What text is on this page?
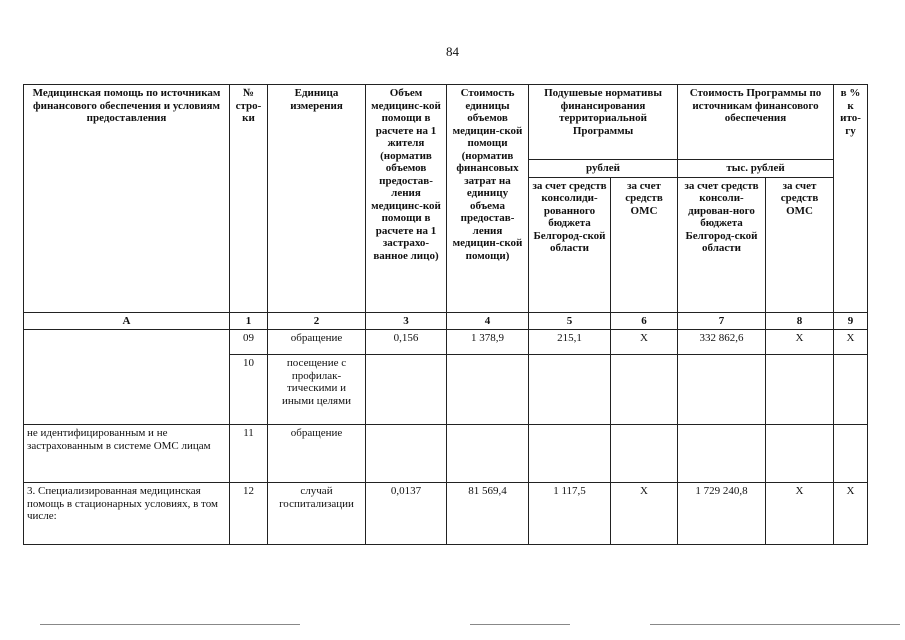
84
Медицинская помощь по источникам финансового обеспечения и условиям предоставления	№ стро-ки	Единица измерения	Объем медицинс-кой помощи в расчете на 1 жителя (норматив объемов предостав-ления медицинс-кой помощи в расчете на 1 застрахо-ванное лицо)	Стоимость единицы объемов медицин-ской помощи (норматив финансовых затрат на единицу объема предостав-ления медицин-ской помощи)	Подушевые нормативы финансирования территориальной Программы		Стоимость Программы по источникам финансового обеспечения		в % к ито-гу
					рублей		тыс. рублей		
					за счет средств консолиди-рованного бюджета Белгород-ской области	за счет средств ОМС	за счет средств консоли-дирован-ного бюджета Белгород-ской области	за счет средств ОМС	
А	1	2	3	4	5	6	7	8	9
	09	обращение	0,156	1 378,9	215,1	Х	332 862,6	Х	Х
	10	посещение с профилак-тическими и иными целями							
не идентифицированным и не застрахованным в системе ОМС лицам	11	обращение							
3. Специализированная медицинская помощь в стационарных условиях, в том числе:	12	случай госпитализации	0,0137	81 569,4	1 117,5	Х	1 729 240,8	Х	Х
